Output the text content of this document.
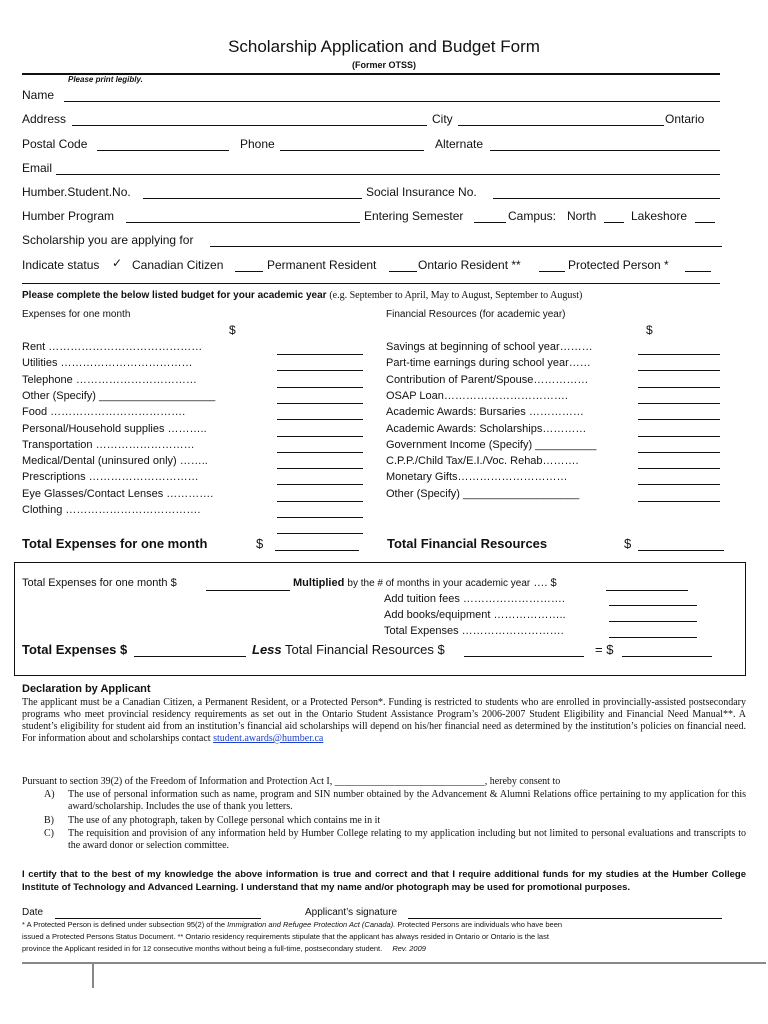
Scholarship Application and Budget Form
(Former OTSS)
Please print legibly.
Name
Address	City	Ontario
Postal Code	Phone	Alternate
Email
Humber.Student.No.	Social Insurance No.
Humber Program	Entering Semester	Campus: North	Lakeshore
Scholarship you are applying for
Indicate status ✓ Canadian Citizen	Permanent Resident	Ontario Resident **	Protected Person *
Please complete the below listed budget for your academic year (e.g. September to April, May to August, September to August)
Expenses for one month	Financial Resources (for academic year)
$	$
Rent ……………………………………
Utilities ………………………………
Telephone ……………………………
Other (Specify) ___________________
Food ……………………………….
Personal/Household supplies ………..
Transportation ………………………
Medical/Dental (uninsured only) ……..
Prescriptions …………………………
Eye Glasses/Contact Lenses ………….
Clothing ……………………………….
Savings at beginning of school year………
Part-time earnings during school year……
Contribution of Parent/Spouse……………
OSAP Loan…………………………….
Academic Awards: Bursaries ……………
Academic Awards: Scholarships…………
Government Income (Specify) __________
C.P.P./Child Tax/E.I./Voc. Rehab……….
Monetary Gifts…………………………
Other (Specify) ___________________
Total Expenses for one month	$	Total Financial Resources	$
Total Expenses for one month $	Multiplied by the # of months in your academic year …. $
Add tuition fees ……………………….
Add books/equipment ………………..
Total Expenses ……………………….
Total Expenses $	Less Total Financial Resources $	= $
Declaration by Applicant
The applicant must be a Canadian Citizen, a Permanent Resident, or a Protected Person*. Funding is restricted to students who are enrolled in provincially-assisted postsecondary programs who meet provincial residency requirements as set out in the Ontario Student Assistance Program’s 2006-2007 Student Eligibility and Financial Need Manual**. A student’s eligibility for student aid from an institution’s financial aid scholarships will depend on his/her financial need as determined by the institution’s policies on financial need. For information about and scholarships contact student.awards@humber.ca
Pursuant to section 39(2) of the Freedom of Information and Protection Act I, ______________________________, hereby consent to
A) The use of personal information such as name, program and SIN number obtained by the Advancement & Alumni Relations office pertaining to my application for this award/scholarship. Includes the use of thank you letters.
B) The use of any photograph, taken by College personal which contains me in it
C) The requisition and provision of any information held by Humber College relating to my application including but not limited to personal evaluations and transcripts to the award donor or selection committee.
I certify that to the best of my knowledge the above information is true and correct and that I require additional funds for my studies at the Humber College Institute of Technology and Advanced Learning. I understand that my name and/or photograph may be used for promotional purposes.
Date	Applicant’s signature
* A Protected Person is defined under subsection 95(2) of the Immigration and Refugee Protection Act (Canada). Protected Persons are individuals who have been
issued a Protected Persons Status Document. ** Ontario residency requirements stipulate that the applicant has always resided in Ontario or Ontario is the last
province the Applicant resided in for 12 consecutive months without being a full-time, postsecondary student. Rev. 2009
